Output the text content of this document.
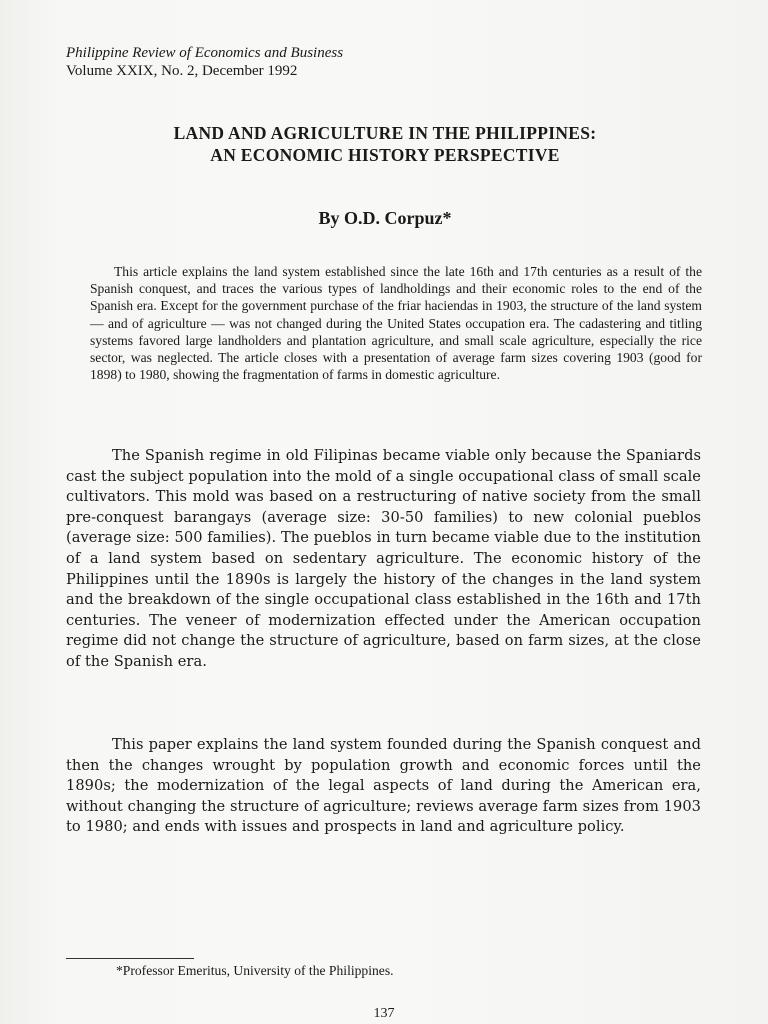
Philippine Review of Economics and Business
Volume XXIX, No. 2, December 1992
LAND AND AGRICULTURE IN THE PHILIPPINES:
AN ECONOMIC HISTORY PERSPECTIVE
By O.D. Corpuz*

This article explains the land system established since the late 16th and 17th centuries as a result of the Spanish conquest, and traces the various types of landholdings and their economic roles to the end of the Spanish era. Except for the government purchase of the friar haciendas in 1903, the structure of the land system — and of agriculture — was not changed during the United States occupation era. The cadastering and titling systems favored large landholders and plantation agriculture, and small scale agriculture, especially the rice sector, was neglected. The article closes with a presentation of average farm sizes covering 1903 (good for 1898) to 1980, showing the fragmentation of farms in domestic agriculture.

The Spanish regime in old Filipinas became viable only because the Spaniards cast the subject population into the mold of a single occupational class of small scale cultivators. This mold was based on a restructuring of native society from the small pre-conquest barangays (average size: 30-50 families) to new colonial pueblos (average size: 500 families). The pueblos in turn became viable due to the institution of a land system based on sedentary agriculture. The economic history of the Philippines until the 1890s is largely the history of the changes in the land system and the breakdown of the single occupational class established in the 16th and 17th centuries. The veneer of modernization effected under the American occupation regime did not change the structure of agriculture, based on farm sizes, at the close of the Spanish era.

This paper explains the land system founded during the Spanish conquest and then the changes wrought by population growth and economic forces until the 1890s; the modernization of the legal aspects of land during the American era, without changing the structure of agriculture; reviews average farm sizes from 1903 to 1980; and ends with issues and prospects in land and agriculture policy.

*Professor Emeritus, University of the Philippines.
137
